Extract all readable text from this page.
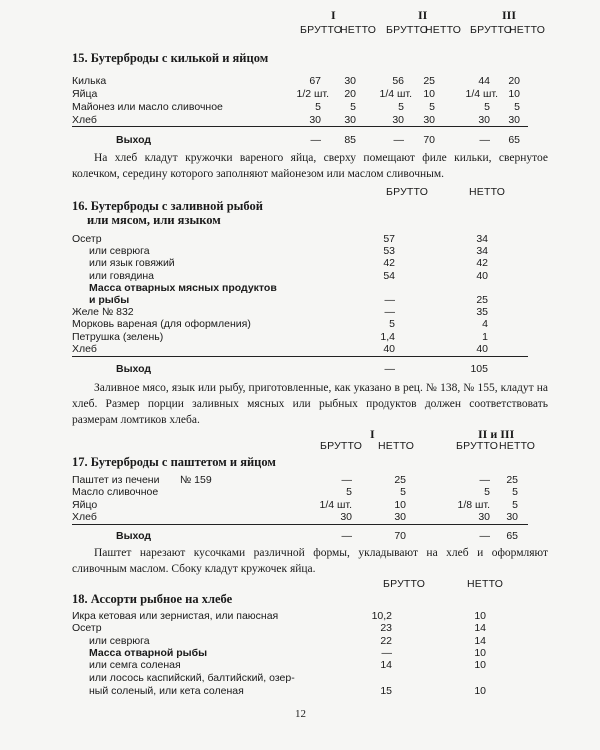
I	II	III
БРУТТО
НЕТТО БРУТТО
НЕТТО БРУТТО
НЕТТО
15. Бутерброды с килькой и яйцом
Килька	67	30	56	25	44	20
Яйца	1/2 шт.	20	1/4 шт.	10	1/4 шт. 10
Майонез или масло сливочное	5	5	5	5	5	5
Хлеб	30	30	30	30	30	30
Выход	—	85	—	70	—	65
На хлеб кладут кружочки вареного яйца, сверху помещают филе кильки, свернутое колечком, середину которого заполняют майонезом или маслом сливочным.
БРУТТО	НЕТТО
16. Бутерброды с заливной рыбой
или мясом, или языком
Осетр	57	34
или севрюга	53	34
или язык говяжий	42	42
или говядина	54	40
Масса отварных мясных продуктов
и рыбы	—	25
Желе № 832	—	35
Морковь вареная (для оформления)	5	4
Петрушка (зелень)	1,4	1
Хлеб	40	40
Выход	—	105
Заливное мясо, язык или рыбу, приготовленные, как указано в рец. № 138, № 155, кладут на хлеб. Размер порции заливных мясных или рыбных продуктов должен соответствовать размерам ломтиков хлеба.
I	II и III
БРУТТО НЕТТО	БРУТТО НЕТТО
17. Бутерброды с паштетом и яйцом
Паштет из печени № 159	—	25	—	25
Масло сливочное	5	5	5	5
Яйцо	1/4 шт.	10	1/8 шт.	5
Хлеб	30	30	30	30
Выход	—	70	—	65
Паштет нарезают кусочками различной формы, укладывают на хлеб и оформляют сливочным маслом. Сбоку кладут кружочек яйца.
БРУТТО	НЕТТО
18. Ассорти рыбное на хлебе
Икра кетовая или зернистая, или паюсная	10,2	10
Осетр	23	14
или севрюга	22	14
Масса отварной рыбы	—	10
или семга соленая	14	10
или лосось каспийский, балтийский, озер-
ный соленый, или кета соленая	15	10
12
